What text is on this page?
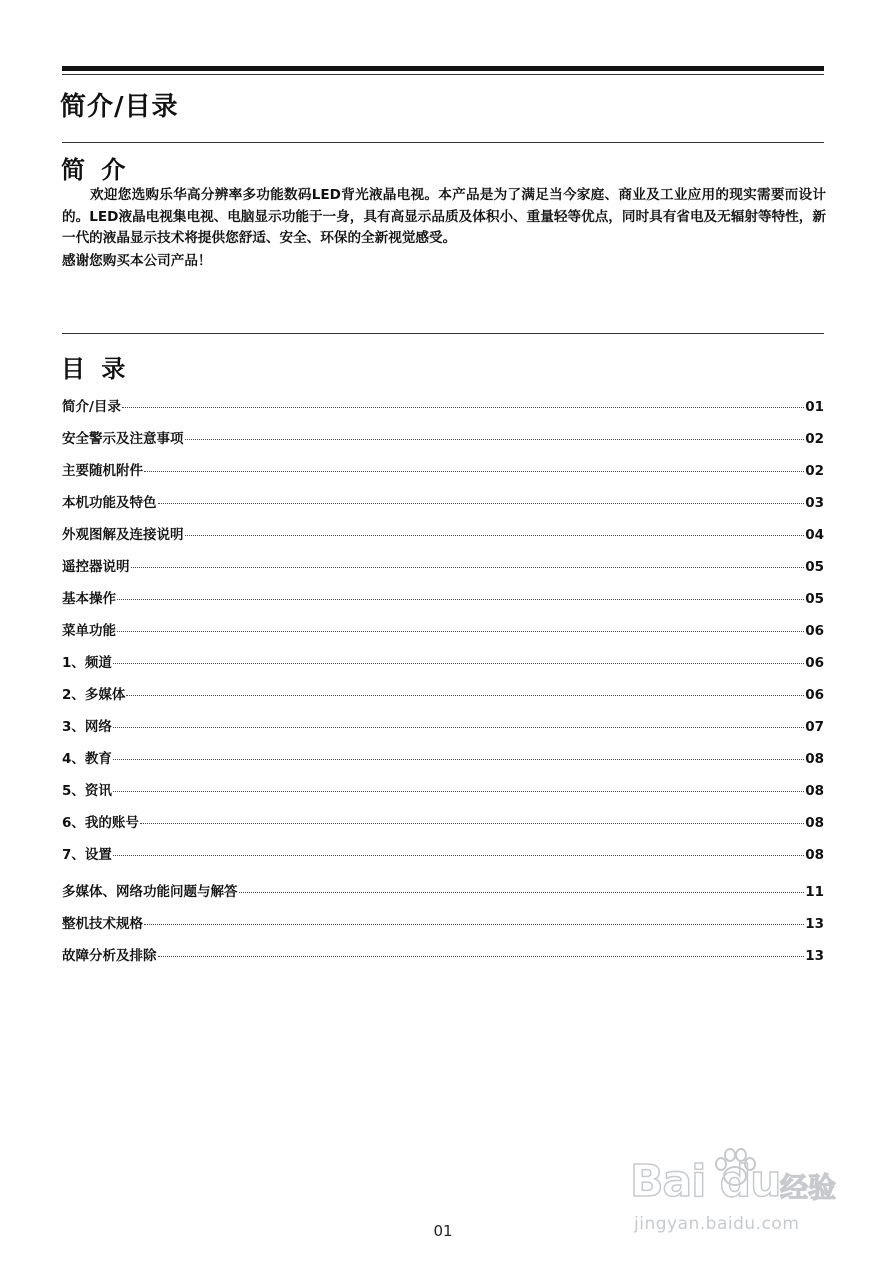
简介/目录
简 介

欢迎您选购乐华高分辨率多功能数码LED背光液晶电视。本产品是为了满足当今家庭、商业及工业应用的现实需要而设计的。LED液晶电视集电视、电脑显示功能于一身，具有高显示品质及体积小、重量轻等优点，同时具有省电及无辐射等特性，新一代的液晶显示技术将提供您舒适、安全、环保的全新视觉感受。

感谢您购买本公司产品！

目 录
简介/目录	01
安全警示及注意事项	02
主要随机附件	02
本机功能及特色	03
外观图解及连接说明	04
遥控器说明	05
基本操作	05
菜单功能	06
1、频道	06
2、多媒体	06
3、网络	07
4、教育	08
5、资讯	08
6、我的账号	08
7、设置	08
多媒体、网络功能问题与解答	11
整机技术规格	13
故障分析及排除	13
01
Bai du 经验
jingyan.baidu.com
